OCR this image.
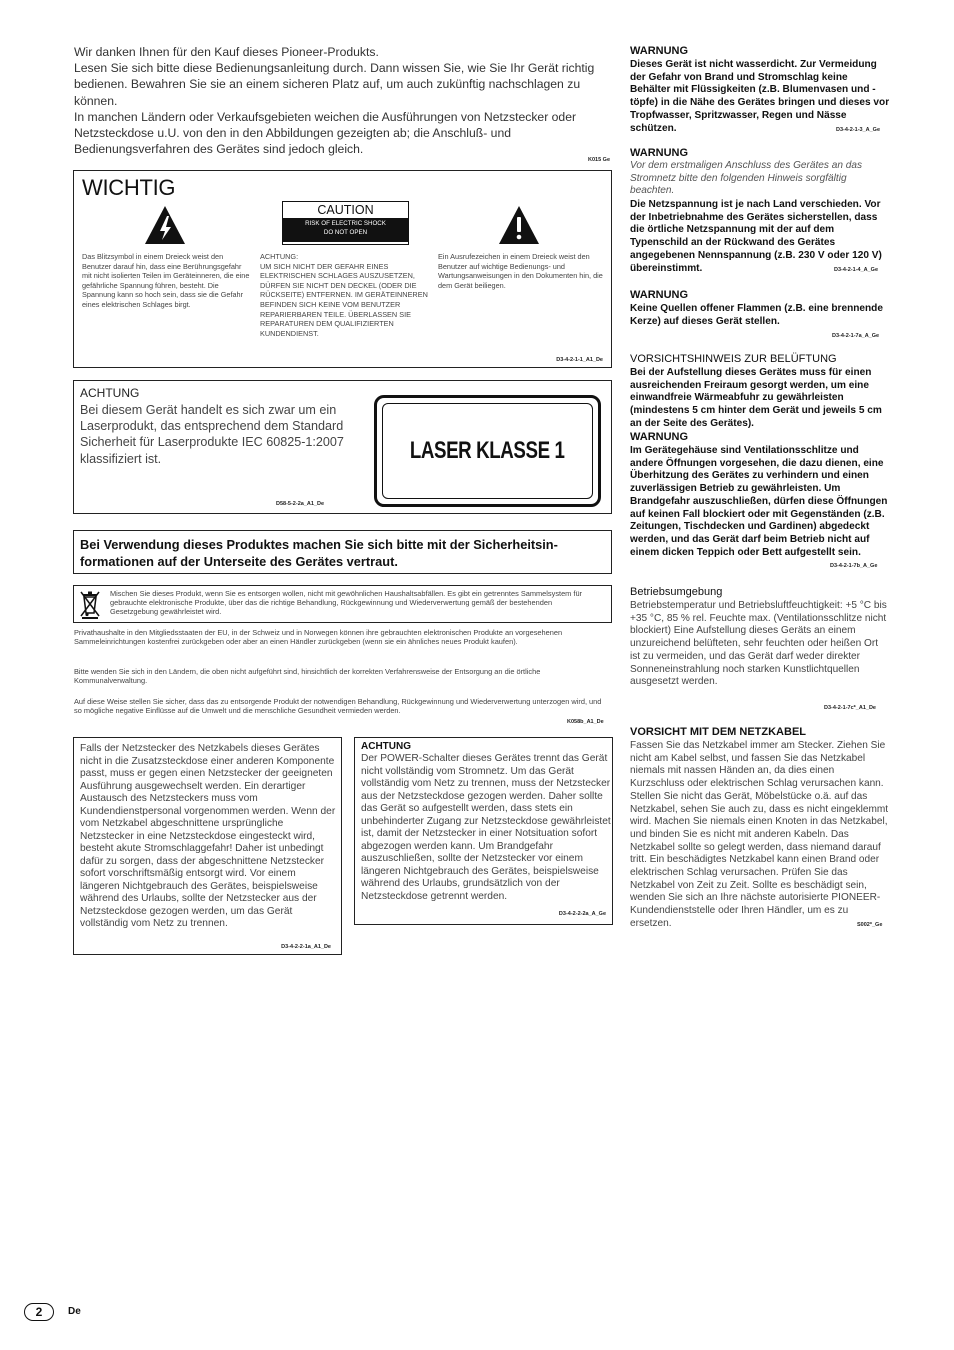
Wir danken Ihnen für den Kauf dieses Pioneer-Produkts.

Lesen Sie sich bitte diese Bedienungsanleitung durch. Dann wissen Sie, wie Sie Ihr Gerät richtig bedienen. Bewahren Sie sie an einem sicheren Platz auf, um auch zukünftig nachschlagen zu können.

In manchen Ländern oder Verkaufsgebieten weichen die Ausführungen von Netzstecker oder Netzsteckdose u.U. von den in den Abbildungen gezeigten ab; die Anschluß- und Bedienungsverfahren des Gerätes sind jedoch gleich.

K015 Ge
WICHTIG
CAUTION
RISK OF ELECTRIC SHOCK
DO NOT OPEN
Das Blitzsymbol in einem Dreieck weist den Benutzer darauf hin, dass eine Berührungsgefahr mit nicht isolierten Teilen im Geräteinneren, die eine gefährliche Spannung führen, besteht. Die Spannung kann so hoch sein, dass sie die Gefahr eines elektrischen Schlages birgt.
ACHTUNG:
UM SICH NICHT DER GEFAHR EINES ELEKTRISCHEN SCHLAGES AUSZUSETZEN, DÜRFEN SIE NICHT DEN DECKEL (ODER DIE RÜCKSEITE) ENTFERNEN. IM GERÄTEINNEREN BEFINDEN SICH KEINE VOM BENUTZER REPARIERBAREN TEILE. ÜBERLASSEN SIE REPARATUREN DEM QUALIFIZIERTEN KUNDENDIENST.
Ein Ausrufezeichen in einem Dreieck weist den Benutzer auf wichtige Bedienungs- und Wartungsanweisungen in den Dokumenten hin, die dem Gerät beiliegen.
D3-4-2-1-1_A1_De
ACHTUNG
Bei diesem Gerät handelt es sich zwar um ein Laserprodukt, das entsprechend dem Standard Sicherheit für Laserprodukte IEC 60825-1:2007 klassifiziert ist.
D58-5-2-2a_A1_De
LASER KLASSE 1
Bei Verwendung dieses Produktes machen Sie sich bitte mit der Sicherheitsin-formationen auf der Unterseite des Gerätes vertraut.
Mischen Sie dieses Produkt, wenn Sie es entsorgen wollen, nicht mit gewöhnlichen Haushaltsabfällen. Es gibt ein getrenntes Sammelsystem für gebrauchte elektronische Produkte, über das die richtige Behandlung, Rückgewinnung und Wiederverwertung gemäß der bestehenden Gesetzgebung gewährleistet wird.
Privathaushalte in den Mitgliedsstaaten der EU, in der Schweiz und in Norwegen können ihre gebrauchten elektronischen Produkte an vorgesehenen Sammeleinrichtungen kostenfrei zurückgeben oder aber an einen Händler zurückgeben (wenn sie ein ähnliches neues Produkt kaufen).
Bitte wenden Sie sich in den Ländern, die oben nicht aufgeführt sind, hinsichtlich der korrekten Verfahrensweise der Entsorgung an die örtliche Kommunalverwaltung.
Auf diese Weise stellen Sie sicher, dass das zu entsorgende Produkt der notwendigen Behandlung, Rückgewinnung und Wiederverwertung unterzogen wird, und so mögliche negative Einflüsse auf die Umwelt und die menschliche Gesundheit vermieden werden.
K058b_A1_De
Falls der Netzstecker des Netzkabels dieses Gerätes nicht in die Zusatzsteckdose einer anderen Komponente passt, muss er gegen einen Netzstecker der geeigneten Ausführung ausgewechselt werden. Ein derartiger Austausch des Netzsteckers muss vom Kundendienstpersonal vorgenommen werden. Wenn der vom Netzkabel abgeschnittene ursprüngliche Netzstecker in eine Netzsteckdose eingesteckt wird, besteht akute Stromschlaggefahr! Daher ist unbedingt dafür zu sorgen, dass der abgeschnittene Netzstecker sofort vorschriftsmäßig entsorgt wird. Vor einem längeren Nichtgebrauch des Gerätes, beispielsweise während des Urlaubs, sollte der Netzstecker aus der Netzsteckdose gezogen werden, um das Gerät vollständig vom Netz zu trennen.
D3-4-2-2-1a_A1_De
ACHTUNG
Der POWER-Schalter dieses Gerätes trennt das Gerät nicht vollständig vom Stromnetz. Um das Gerät vollständig vom Netz zu trennen, muss der Netzstecker aus der Netzsteckdose gezogen werden. Daher sollte das Gerät so aufgestellt werden, dass stets ein unbehinderter Zugang zur Netzsteckdose gewährleistet ist, damit der Netzstecker in einer Notsituation sofort abgezogen werden kann. Um Brandgefahr auszuschließen, sollte der Netzstecker vor einem längeren Nichtgebrauch des Gerätes, beispielsweise während des Urlaubs, grundsätzlich von der Netzsteckdose getrennt werden.
D3-4-2-2-2a_A_Ge
WARNUNG
Dieses Gerät ist nicht wasserdicht. Zur Vermeidung der Gefahr von Brand und Stromschlag keine Behälter mit Flüssigkeiten (z.B. Blumenvasen und -töpfe) in die Nähe des Gerätes bringen und dieses vor Tropfwasser, Spritzwasser, Regen und Nässe schützen.	D3-4-2-1-3_A_Ge
WARNUNG
Vor dem erstmaligen Anschluss des Gerätes an das Stromnetz bitte den folgenden Hinweis sorgfältig beachten.
Die Netzspannung ist je nach Land verschieden. Vor der Inbetriebnahme des Gerätes sicherstellen, dass die örtliche Netzspannung mit der auf dem Typenschild an der Rückwand des Gerätes angegebenen Nennspannung (z.B. 230 V oder 120 V) übereinstimmt.	D3-4-2-1-4_A_Ge
WARNUNG
Keine Quellen offener Flammen (z.B. eine brennende Kerze) auf dieses Gerät stellen.
D3-4-2-1-7a_A_Ge
VORSICHTSHINWEIS ZUR BELÜFTUNG
Bei der Aufstellung dieses Gerätes muss für einen ausreichenden Freiraum gesorgt werden, um eine einwandfreie Wärmeabfuhr zu gewährleisten (mindestens 5 cm hinter dem Gerät und jeweils 5 cm an der Seite des Gerätes).
WARNUNG
Im Gerätegehäuse sind Ventilationsschlitze und andere Öffnungen vorgesehen, die dazu dienen, eine Überhitzung des Gerätes zu verhindern und einen zuverlässigen Betrieb zu gewährleisten. Um Brandgefahr auszuschließen, dürfen diese Öffnungen auf keinen Fall blockiert oder mit Gegenständen (z.B. Zeitungen, Tischdecken und Gardinen) abgedeckt werden, und das Gerät darf beim Betrieb nicht auf einem dicken Teppich oder Bett aufgestellt sein.
D3-4-2-1-7b_A_Ge
Betriebsumgebung
Betriebstemperatur und Betriebsluftfeuchtigkeit: +5 °C bis +35 °C, 85 % rel. Feuchte max. (Ventilationsschlitze nicht blockiert) Eine Aufstellung dieses Geräts an einem unzureichend belüfteten, sehr feuchten oder heißen Ort ist zu vermeiden, und das Gerät darf weder direkter Sonneneinstrahlung noch starken Kunstlichtquellen ausgesetzt werden.
D3-4-2-1-7c*_A1_De
VORSICHT MIT DEM NETZKABEL
Fassen Sie das Netzkabel immer am Stecker. Ziehen Sie nicht am Kabel selbst, und fassen Sie das Netzkabel niemals mit nassen Händen an, da dies einen Kurzschluss oder elektrischen Schlag verursachen kann. Stellen Sie nicht das Gerät, Möbelstücke o.ä. auf das Netzkabel, sehen Sie auch zu, dass es nicht eingeklemmt wird. Machen Sie niemals einen Knoten in das Netzkabel, und binden Sie es nicht mit anderen Kabeln. Das Netzkabel sollte so gelegt werden, dass niemand darauf tritt. Ein beschädigtes Netzkabel kann einen Brand oder elektrischen Schlag verursachen. Prüfen Sie das Netzkabel von Zeit zu Zeit. Sollte es beschädigt sein, wenden Sie sich an Ihre nächste autorisierte PIONEER-Kundendienststelle oder Ihren Händler, um es zu ersetzen.	S002*_Ge
2	De
